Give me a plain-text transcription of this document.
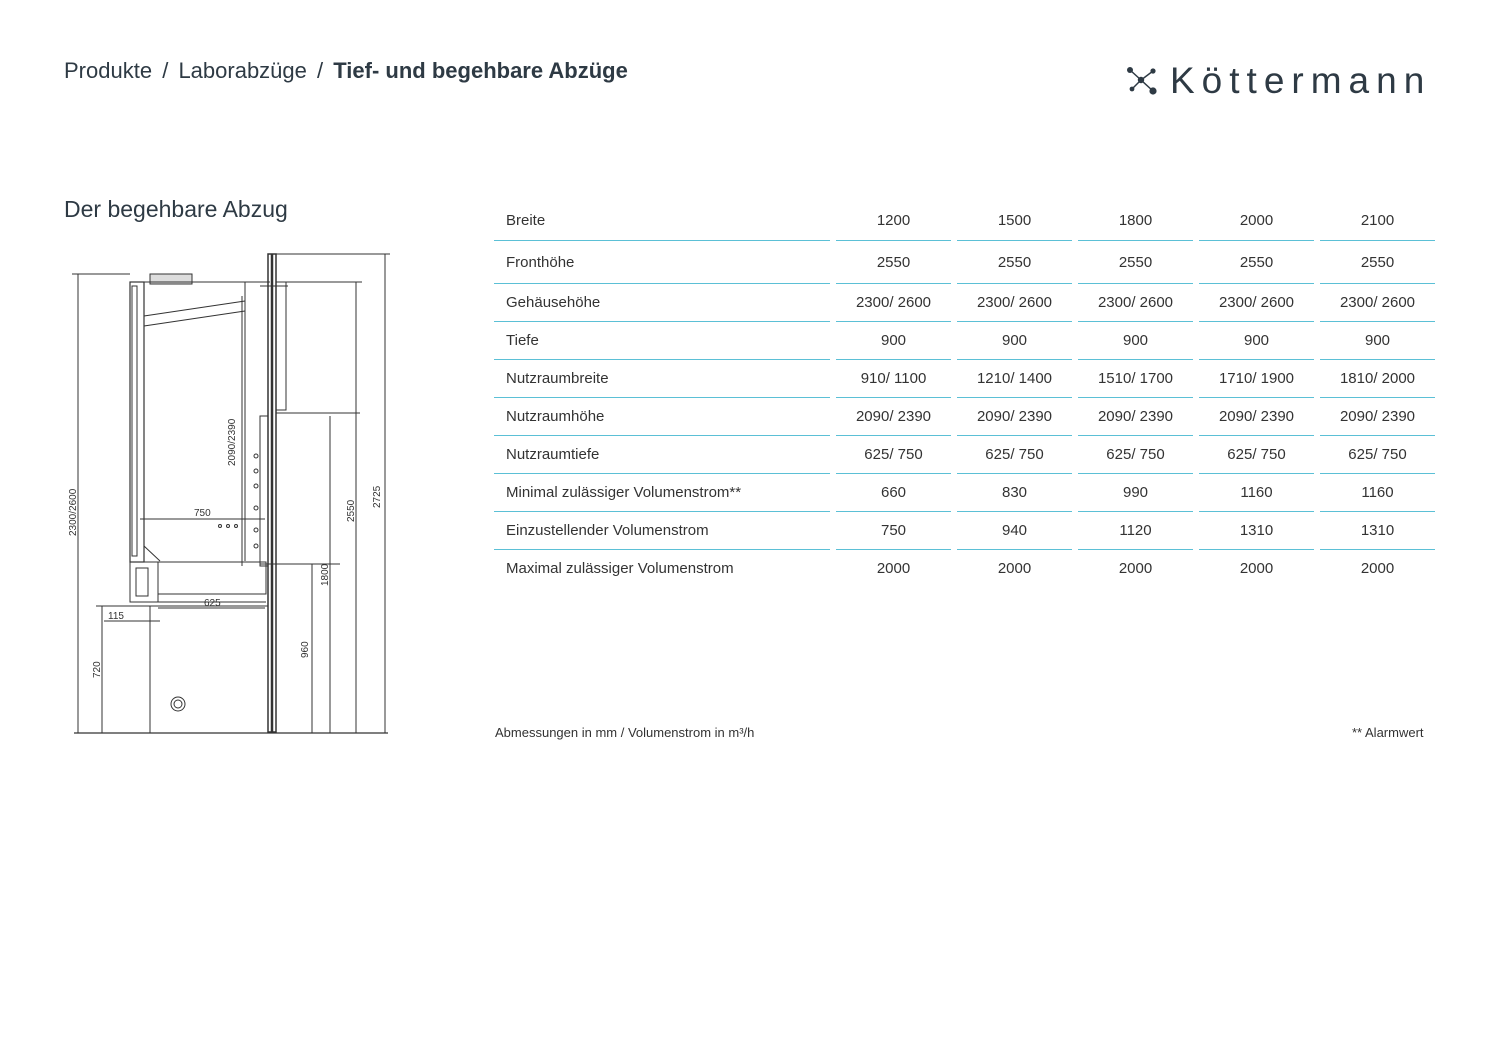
Produkte / Laborabzüge / Tief- und begehbare Abzüge	Köttermann
Der begehbare Abzug
2300/2600
2090/2390
750
625
115
720
960
1800
2550
2725
Breite	1200	1500	1800	2000	2100
Fronthöhe	2550	2550	2550	2550	2550
Gehäusehöhe	2300/ 2600	2300/ 2600	2300/ 2600	2300/ 2600	2300/ 2600
Tiefe	900	900	900	900	900
Nutzraumbreite	910/ 1100	1210/ 1400	1510/ 1700	1710/ 1900	1810/ 2000
Nutzraumhöhe	2090/ 2390	2090/ 2390	2090/ 2390	2090/ 2390	2090/ 2390
Nutzraumtiefe	625/ 750	625/ 750	625/ 750	625/ 750	625/ 750
Minimal zulässiger Volumenstrom**	660	830	990	1160	1160
Einzustellender Volumenstrom	750	940	1120	1310	1310
Maximal zulässiger Volumenstrom	2000	2000	2000	2000	2000
Abmessungen in mm / Volumenstrom in m³/h	** Alarmwert
